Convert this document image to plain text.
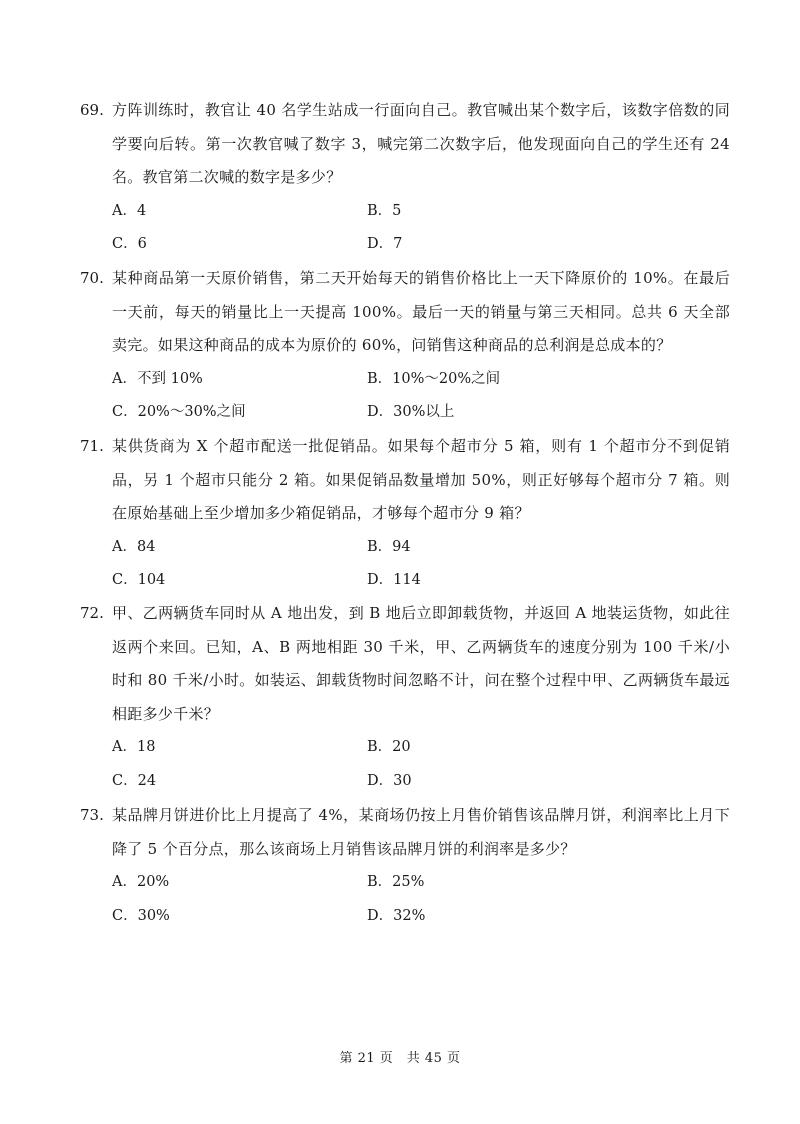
69. 方阵训练时，教官让 40 名学生站成一行面向自己。教官喊出某个数字后，该数字倍数的同学要向后转。第一次教官喊了数字 3，喊完第二次数字后，他发现面向自己的学生还有 24 名。教官第二次喊的数字是多少？
A．4	B．5
C．6	D．7
70. 某种商品第一天原价销售，第二天开始每天的销售价格比上一天下降原价的 10%。在最后一天前，每天的销量比上一天提高 100%。最后一天的销量与第三天相同。总共 6 天全部卖完。如果这种商品的成本为原价的 60%，问销售这种商品的总利润是总成本的？
A．不到 10%	B．10%～20%之间
C．20%～30%之间	D．30%以上
71. 某供货商为 X 个超市配送一批促销品。如果每个超市分 5 箱，则有 1 个超市分不到促销品，另 1 个超市只能分 2 箱。如果促销品数量增加 50%，则正好够每个超市分 7 箱。则在原始基础上至少增加多少箱促销品，才够每个超市分 9 箱？
A．84	B．94
C．104	D．114
72. 甲、乙两辆货车同时从 A 地出发，到 B 地后立即卸载货物，并返回 A 地装运货物，如此往返两个来回。已知，A、B 两地相距 30 千米，甲、乙两辆货车的速度分别为 100 千米/小时和 80 千米/小时。如装运、卸载货物时间忽略不计，问在整个过程中甲、乙两辆货车最远相距多少千米？
A．18	B．20
C．24	D．30
73. 某品牌月饼进价比上月提高了 4%，某商场仍按上月售价销售该品牌月饼，利润率比上月下降了 5 个百分点，那么该商场上月销售该品牌月饼的利润率是多少？
A．20%	B．25%
C．30%	D．32%
第 21 页　共 45 页
